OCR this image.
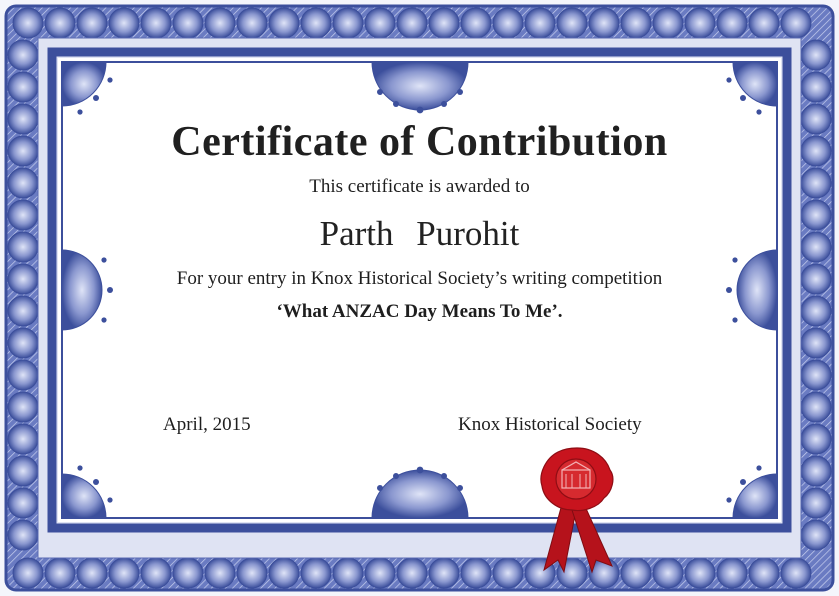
Certificate of Contribution
This certificate is awarded to
Parth Purohit
For your entry in Knox Historical Society’s writing competition
‘What ANZAC Day Means To Me’.
April, 2015	Knox Historical Society
